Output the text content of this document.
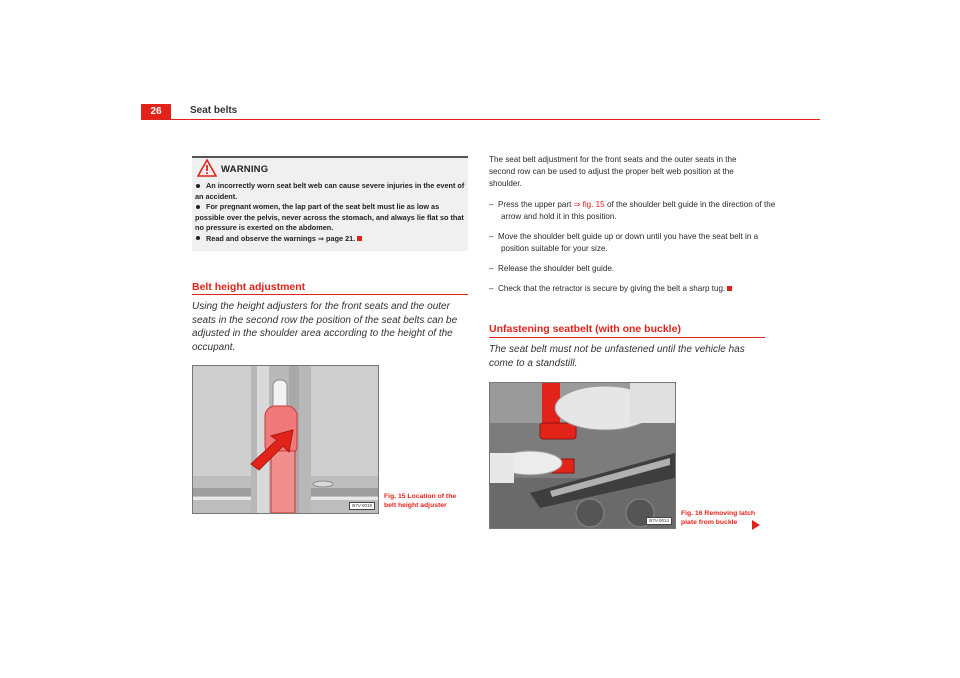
26	Seat belts
WARNING
An incorrectly worn seat belt web can cause severe injuries in the event of an accident.
For pregnant women, the lap part of the seat belt must lie as low as possible over the pelvis, never across the stomach, and always lie flat so that no pressure is exerted on the abdomen.
Read and observe the warnings ⇒ page 21.
Belt height adjustment
Using the height adjusters for the front seats and the outer seats in the second row the position of the seat belts can be adjusted in the shoulder area according to the height of the occupant.
B7V-0019
Fig. 15 Location of the
belt height adjuster
The seat belt adjustment for the front seats and the outer seats in the second row can be used to adjust the proper belt web position at the shoulder.
– Press the upper part ⇒ fig. 15 of the shoulder belt guide in the direction of the arrow and hold it in this position.
– Move the shoulder belt guide up or down until you have the seat belt in a position suitable for your size.
– Release the shoulder belt guide.
– Check that the retractor is secure by giving the belt a sharp tug.
Unfastening seatbelt (with one buckle)
The seat belt must not be unfastened until the vehicle has come to a standstill.
B7V-0014
Fig. 16 Removing latch
plate from buckle
